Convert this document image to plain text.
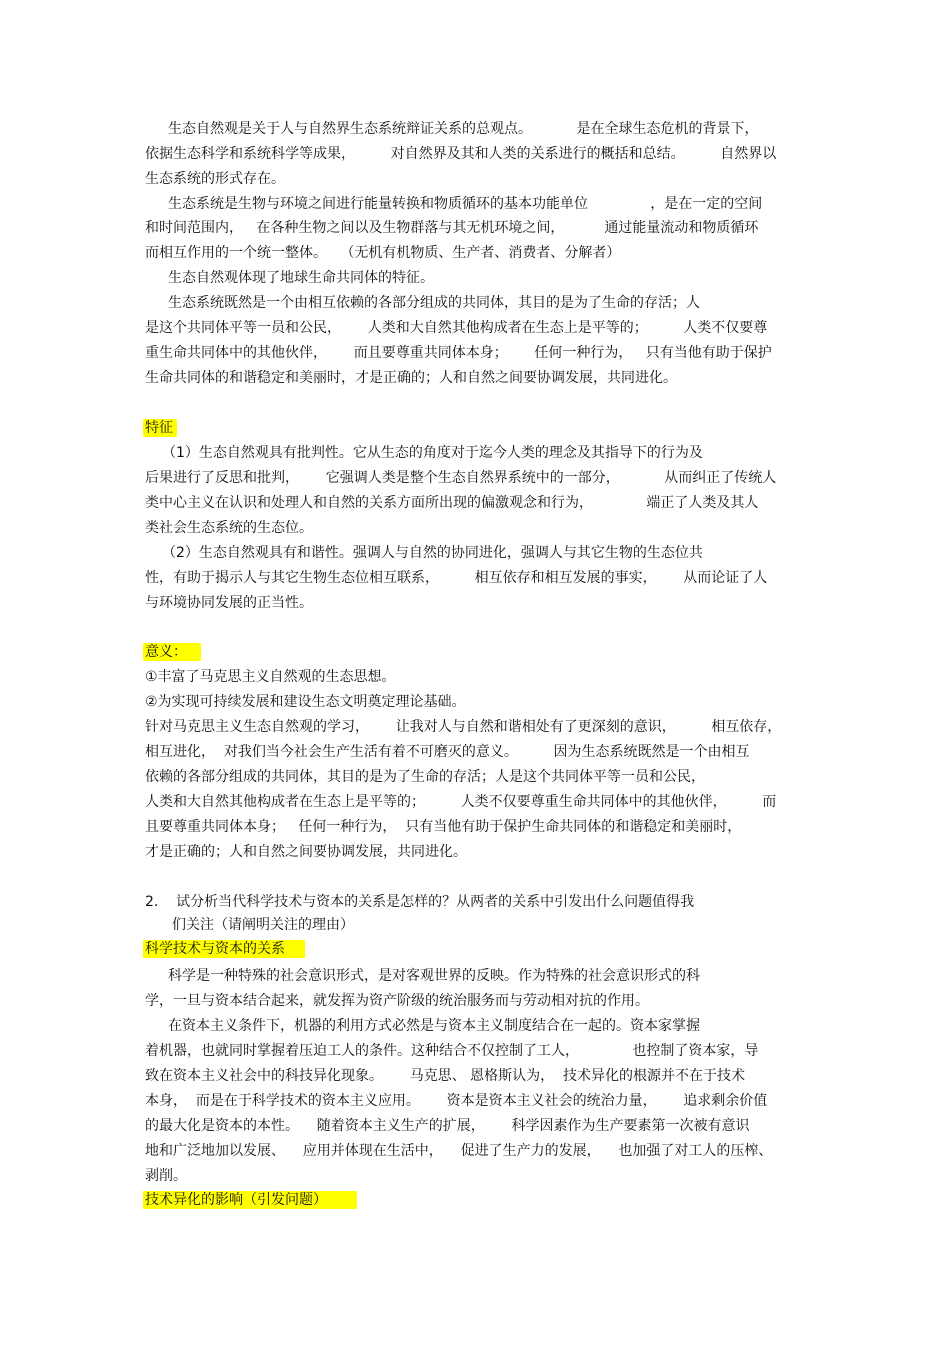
生态自然观是关于人与自然界生态系统辩证关系的总观点。          是在全球生态危机的背景下，
依据生态科学和系统科学等成果，        对自然界及其和人类的关系进行的概括和总结。        自然界以
生态系统的形式存在。
生态系统是生物与环境之间进行能量转换和物质循环的基本功能单位              ，是在一定的空间
和时间范围内，   在各种生物之间以及生物群落与其无机环境之间，         通过能量流动和物质循环
而相互作用的一个统一整体。   （无机有机物质、生产者、消费者、分解者）
生态自然观体现了地球生命共同体的特征。
生态系统既然是一个由相互依赖的各部分组成的共同体，其目的是为了生命的存活；人
是这个共同体平等一员和公民，      人类和大自然其他构成者在生态上是平等的；        人类不仅要尊
重生命共同体中的其他伙伴，      而且要尊重共同体本身；      任何一种行为，   只有当他有助于保护
生命共同体的和谐稳定和美丽时，才是正确的；人和自然之间要协调发展，共同进化。
特征
（1）生态自然观具有批判性。它从生态的角度对于迄今人类的理念及其指导下的行为及
后果进行了反思和批判，      它强调人类是整个生态自然界系统中的一部分，          从而纠正了传统人
类中心主义在认识和处理人和自然的关系方面所出现的偏激观念和行为，            端正了人类及其人
类社会生态系统的生态位。
（2）生态自然观具有和谐性。强调人与自然的协同进化，强调人与其它生物的生态位共
性，有助于揭示人与其它生物生态位相互联系，        相互依存和相互发展的事实，      从而论证了人
与环境协同发展的正当性。
意义：
①丰富了马克思主义自然观的生态思想。
②为实现可持续发展和建设生态文明奠定理论基础。
针对马克思主义生态自然观的学习，      让我对人与自然和谐相处有了更深刻的意识，        相互依存，
相互进化，  对我们当今社会生产生活有着不可磨灭的意义。        因为生态系统既然是一个由相互
依赖的各部分组成的共同体，其目的是为了生命的存活；人是这个共同体平等一员和公民，
人类和大自然其他构成者在生态上是平等的；        人类不仅要尊重生命共同体中的其他伙伴，        而
且要尊重共同体本身；   任何一种行为，  只有当他有助于保护生命共同体的和谐稳定和美丽时，
才是正确的；人和自然之间要协调发展，共同进化。
2.    试分析当代科学技术与资本的关系是怎样的？从两者的关系中引发出什么问题值得我
们关注（请阐明关注的理由）
科学技术与资本的关系
科学是一种特殊的社会意识形式，是对客观世界的反映。作为特殊的社会意识形式的科
学，一旦与资本结合起来，就发挥为资产阶级的统治服务而与劳动相对抗的作用。
在资本主义条件下，机器的利用方式必然是与资本主义制度结合在一起的。资本家掌握
着机器，也就同时掌握着压迫工人的条件。这种结合不仅控制了工人，            也控制了资本家，导
致在资本主义社会中的科技异化现象。      马克思、 恩格斯认为，  技术异化的根源并不在于技术
本身，  而是在于科学技术的资本主义应用。      资本是资本主义社会的统治力量，      追求剩余价值
的最大化是资本的本性。    随着资本主义生产的扩展，      科学因素作为生产要素第一次被有意识
地和广泛地加以发展、    应用并体现在生活中，    促进了生产力的发展，    也加强了对工人的压榨、
剥削。
技术异化的影响（引发问题）
